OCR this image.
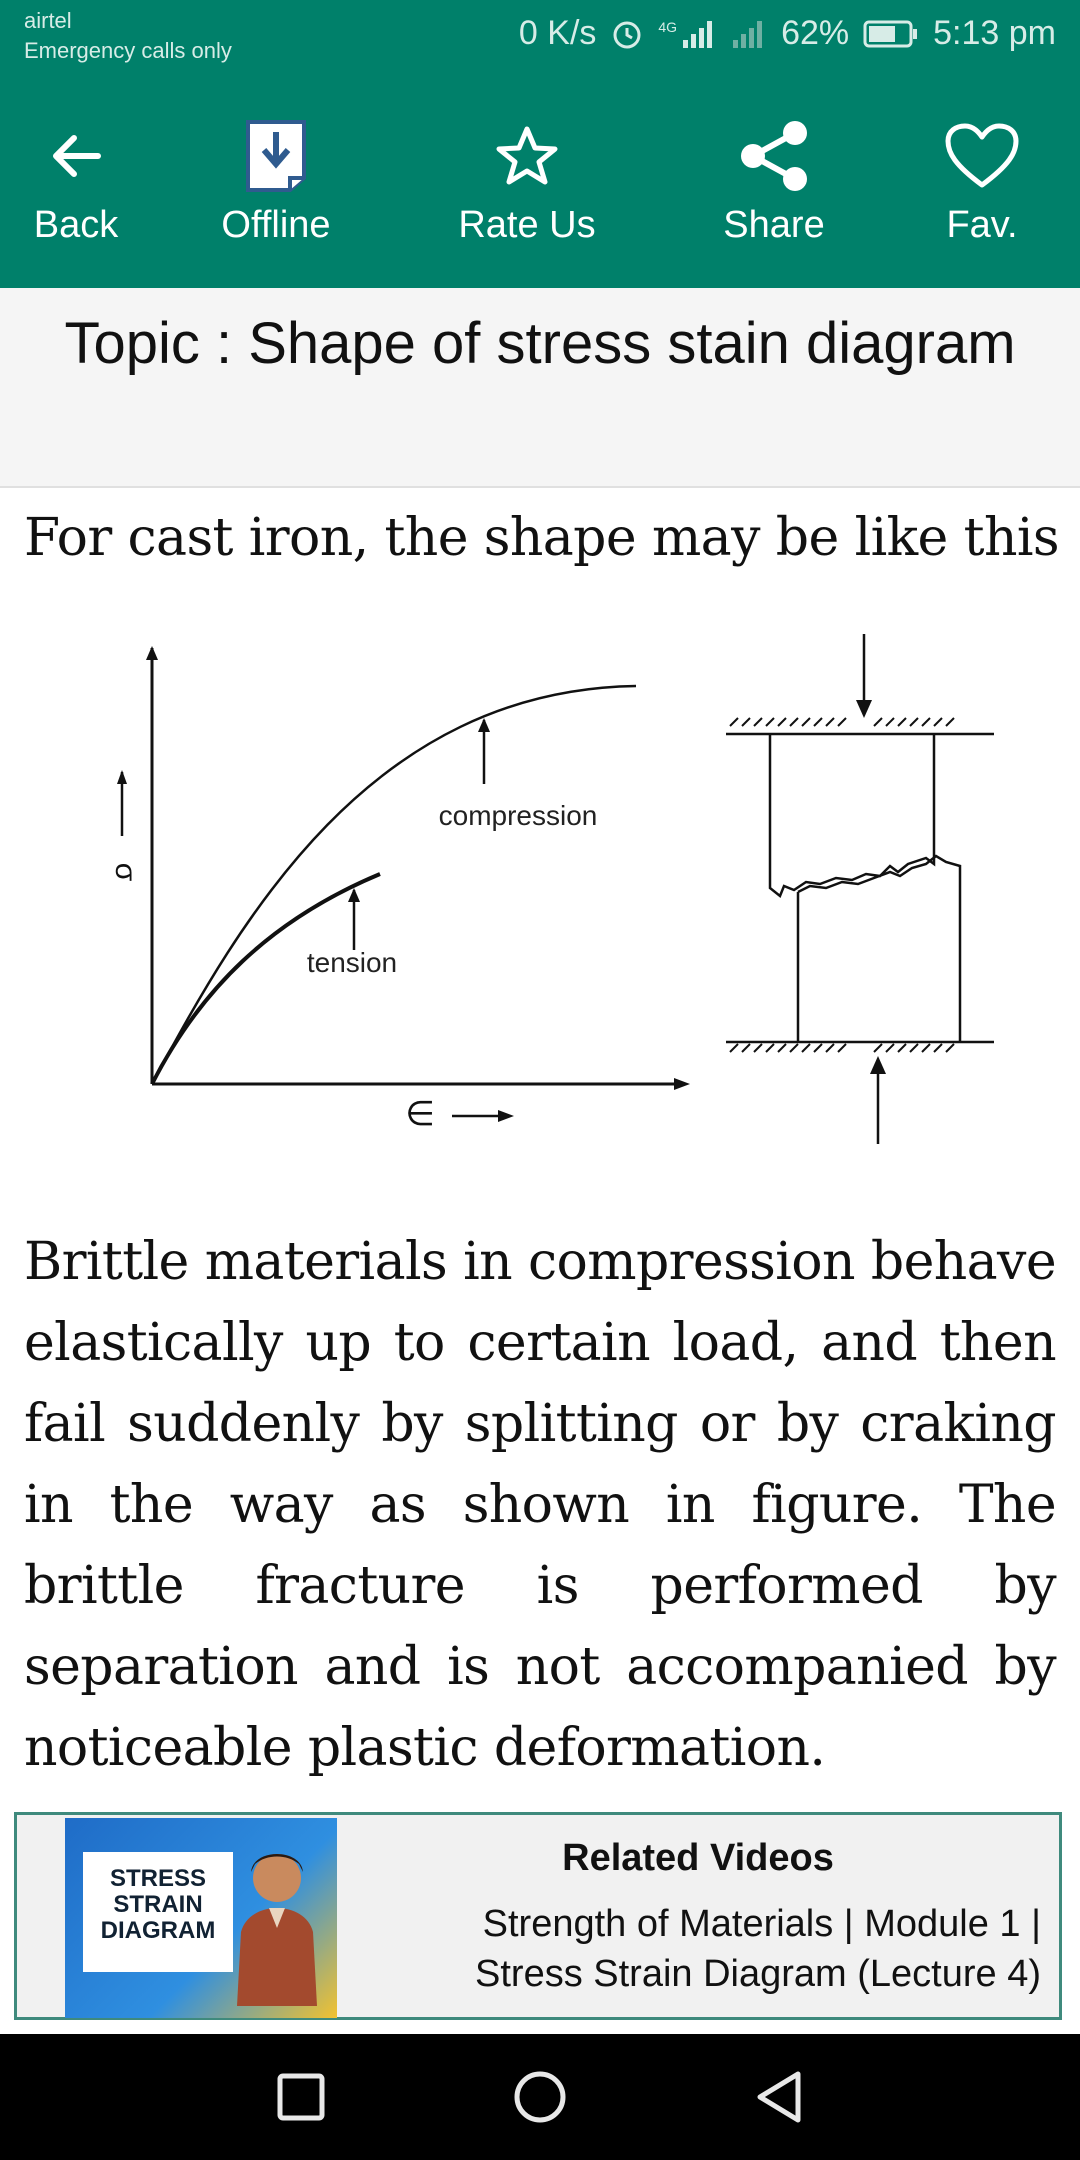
airtel
Emergency calls only	0 K/s	4G	62% 5:13 pm
Back	Offline	Rate Us	Share	Fav.
Topic : Shape of stress stain diagram
For cast iron, the shape may be like this
σ
∈
compression
tension
Brittle materials in compression behave elastically up to certain load, and then fail suddenly by splitting or by craking in the way as shown in figure. The brittle fracture is performed by separation and is not accompanied by noticeable plastic deformation.
STRESS STRAIN DIAGRAM
Related Videos
Strength of Materials | Module 1 | Stress Strain Diagram (Lecture 4)
